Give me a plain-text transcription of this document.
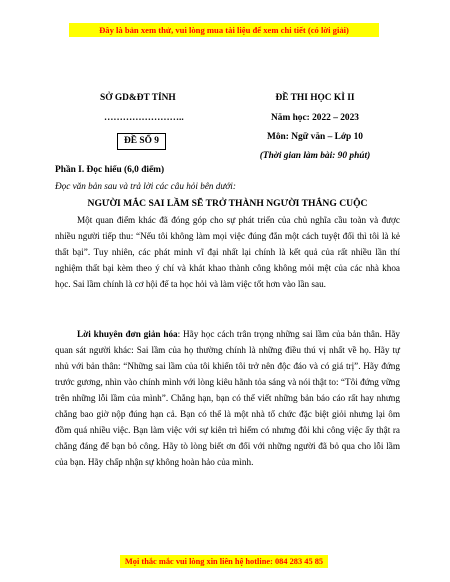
Đây là bản xem thử, vui lòng mua tài liệu để xem chi tiết (có lời giải)
SỞ GD&ĐT TỈNH
……………………..
ĐỀ SỐ 9
ĐỀ THI HỌC KÌ II
Năm học: 2022 – 2023
Môn: Ngữ văn – Lớp 10
(Thời gian làm bài: 90 phút)
Phần I. Đọc hiểu (6,0 điểm)
Đọc văn bản sau và trả lời các câu hỏi bên dưới:
NGƯỜI MẮC SAI LẦM SẼ TRỞ THÀNH NGƯỜI THẮNG CUỘC

Một quan điểm khác đã đóng góp cho sự phát triển của chủ nghĩa cầu toàn và được nhiều người tiếp thu: “Nếu tôi không làm mọi việc đúng đắn một cách tuyệt đối thì tôi là kẻ thất bại”. Tuy nhiên, các phát minh vĩ đại nhất lại chính là kết quả của rất nhiều lần thí nghiệm thất bại kèm theo ý chí và khát khao thành công không mỏi mệt của các nhà khoa học. Sai lầm chính là cơ hội để ta học hỏi và làm việc tốt hơn vào lần sau.

Lời khuyên đơn giản hóa: Hãy học cách trân trọng những sai lầm của bản thân. Hãy quan sát người khác: Sai lầm của họ thường chính là những điều thú vị nhất về họ. Hãy tự nhủ với bản thân: “Những sai lầm của tôi khiến tôi trở nên độc đáo và có giá trị”. Hãy đứng trước gương, nhìn vào chính mình với lòng kiêu hãnh tỏa sáng và nói thật to: “Tôi đứng vững trên những lỗi lầm của mình”. Chẳng hạn, bạn có thể viết những bản báo cáo rất hay nhưng chẳng bao giờ nộp đúng hạn cả. Bạn có thể là một nhà tổ chức đặc biệt giỏi nhưng lại ôm đồm quá nhiều việc. Bạn làm việc với sự kiên trì hiếm có nhưng đôi khi công việc ấy thật ra chẳng đáng để bạn bỏ công. Hãy tò lòng biết ơn đối với những người đã bỏ qua cho lỗi lầm của bạn. Hãy chấp nhận sự không hoàn hảo của mình.

Mọi thắc mắc vui lòng xin liên hệ hotline: 084 283 45 85
